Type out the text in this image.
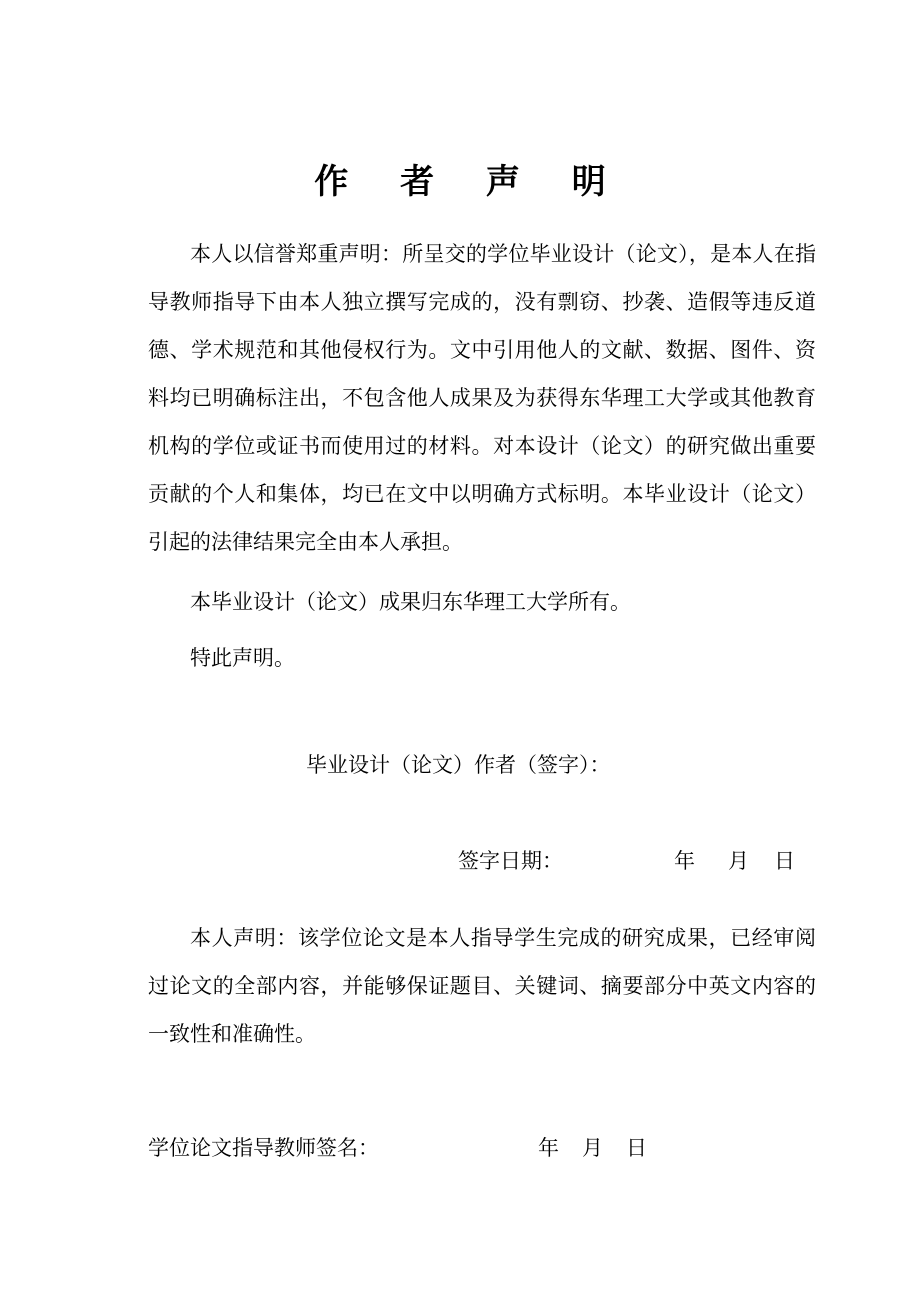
作 者 声 明

本人以信誉郑重声明：所呈交的学位毕业设计（论文），是本人在指导教师指导下由本人独立撰写完成的，没有剽窃、抄袭、造假等违反道德、学术规范和其他侵权行为。文中引用他人的文献、数据、图件、资料均已明确标注出，不包含他人成果及为获得东华理工大学或其他教育机构的学位或证书而使用过的材料。对本设计（论文）的研究做出重要贡献的个人和集体，均已在文中以明确方式标明。本毕业设计（论文）引起的法律结果完全由本人承担。

本毕业设计（论文）成果归东华理工大学所有。

特此声明。

毕业设计（论文）作者（签字）：
签字日期：	年 月 日

本人声明：该学位论文是本人指导学生完成的研究成果，已经审阅过论文的全部内容，并能够保证题目、关键词、摘要部分中英文内容的一致性和准确性。

学位论文指导教师签名：	年 月 日
